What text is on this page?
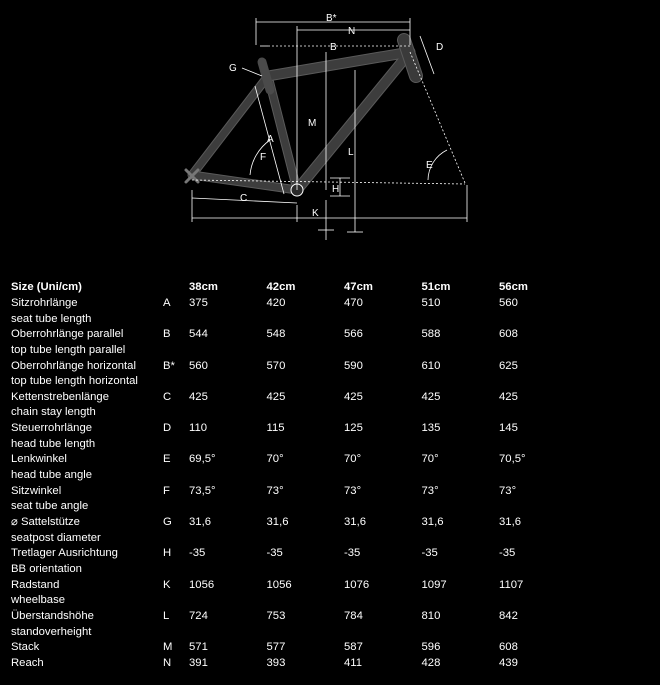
B*
N
B	D
G
M
A
L
F
E
H
C
K
Size (Uni/cm)	38cm	42cm	47cm	51cm	56cm
Sitzrohrlänge
seat tube length
A	375	420	470	510	560
Oberrohrlänge parallel
top tube length parallel
B	544	548	566	588	608
Oberrohrlänge horizontal
top tube length horizontal
B*	560	570	590	610	625
Kettenstrebenlänge
chain stay length
C	425	425	425	425	425
Steuerrohrlänge
head tube length
D	110	115	125	135	145
Lenkwinkel
head tube angle
E	69,5°	70°	70°	70°	70,5°
Sitzwinkel
seat tube angle
F	73,5°	73°	73°	73°	73°
⌀ Sattelstütze
seatpost diameter
G	31,6	31,6	31,6	31,6	31,6
Tretlager Ausrichtung
BB orientation
H	-35	-35	-35	-35	-35
Radstand
wheelbase
K	1056	1056	1076	1097	1107
Überstandshöhe
standoverheight
L	724	753	784	810	842
Stack	M	571	577	587	596	608
Reach	N	391	393	411	428	439
